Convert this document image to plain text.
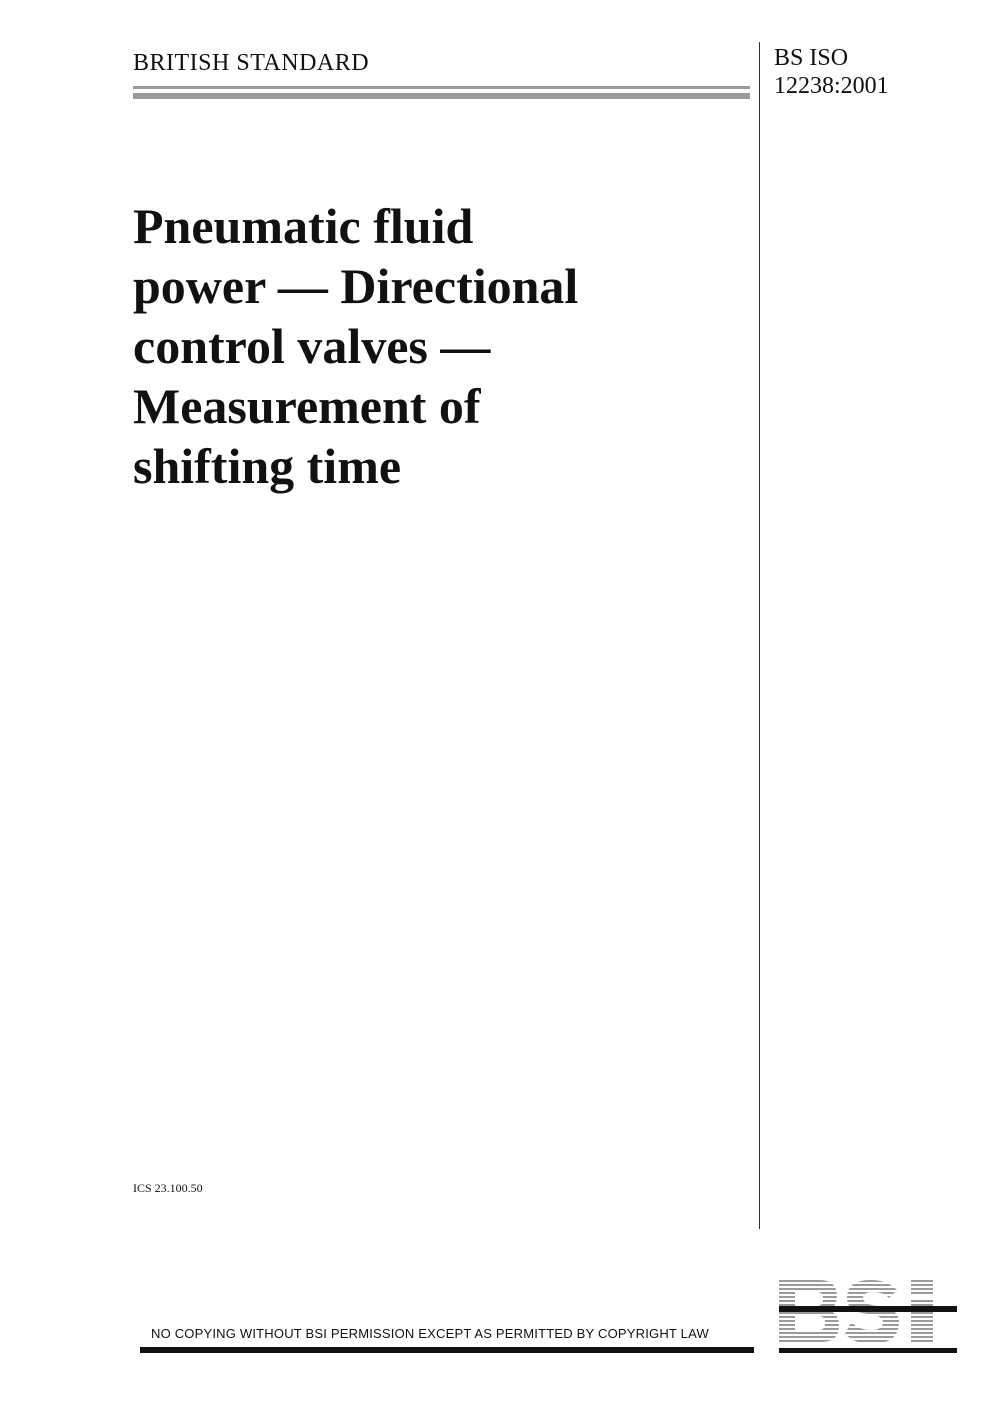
BRITISH STANDARD	BS ISO
12238:2001
Pneumatic fluid
power — Directional
control valves —
Measurement of
shifting time
ICS 23.100.50
NO COPYING WITHOUT BSI PERMISSION EXCEPT AS PERMITTED BY COPYRIGHT LAW
